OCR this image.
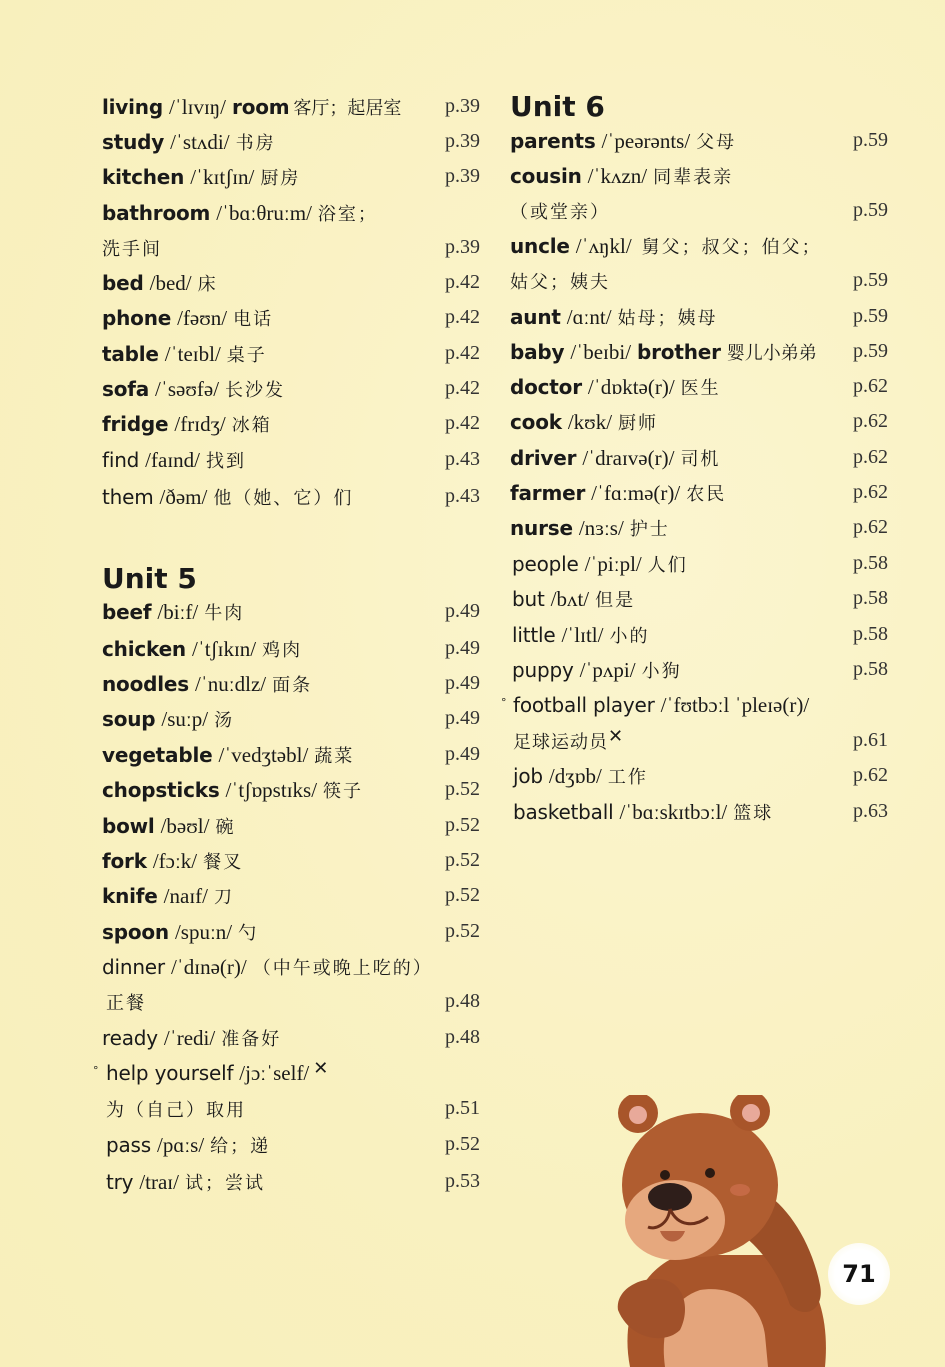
living /ˈlɪvɪŋ/ room 客厅；起居室 p.39
study /ˈstʌdi/ 书房	p.39
kitchen /ˈkɪtʃɪn/ 厨房	p.39
bathroom /ˈbɑːθruːm/ 浴室；
洗手间	p.39
bed /bed/ 床	p.42
phone /fəʊn/ 电话	p.42
table /ˈteɪbl/ 桌子	p.42
sofa /ˈsəʊfə/ 长沙发	p.42
fridge /frɪdʒ/ 冰箱	p.42
find /faɪnd/ 找到	p.43
them /ðəm/ 他（她、它）们	p.43
Unit 5
beef /biːf/ 牛肉	p.49
chicken /ˈtʃɪkɪn/ 鸡肉	p.49
noodles /ˈnuːdlz/ 面条	p.49
soup /suːp/ 汤	p.49
vegetable /ˈvedʒtəbl/ 蔬菜	p.49
chopsticks /ˈtʃɒpstɪks/ 筷子	p.52
bowl /bəʊl/ 碗	p.52
fork /fɔːk/ 餐叉	p.52
knife /naɪf/ 刀	p.52
spoon /spuːn/ 勺	p.52
dinner /ˈdɪnə(r)/ （中午或晚上吃的）
正餐	p.48
ready /ˈredi/ 准备好	p.48
° help yourself /jɔːˈself/ ✕
为（自己）取用	p.51
pass /pɑːs/ 给；递	p.52
try /traɪ/ 试；尝试	p.53
Unit 6
parents /ˈpeərənts/ 父母	p.59
cousin /ˈkʌzn/ 同辈表亲
（或堂亲）	p.59
uncle /ˈʌŋkl/ 舅父；叔父；伯父；
姑父；姨夫	p.59
aunt /ɑːnt/ 姑母；姨母	p.59
baby /ˈbeɪbi/ brother 婴儿小弟弟 p.59
doctor /ˈdɒktə(r)/ 医生	p.62
cook /kʊk/ 厨师	p.62
driver /ˈdraɪvə(r)/ 司机	p.62
farmer /ˈfɑːmə(r)/ 农民	p.62
nurse /nɜːs/ 护士	p.62
people /ˈpiːpl/ 人们	p.58
but /bʌt/ 但是	p.58
little /ˈlɪtl/ 小的	p.58
puppy /ˈpʌpi/ 小狗	p.58
° football player /ˈfʊtbɔːl ˈpleɪə(r)/
足球运动员 ✕	p.61
job /dʒɒb/ 工作	p.62
basketball /ˈbɑːskɪtbɔːl/ 篮球	p.63
71
